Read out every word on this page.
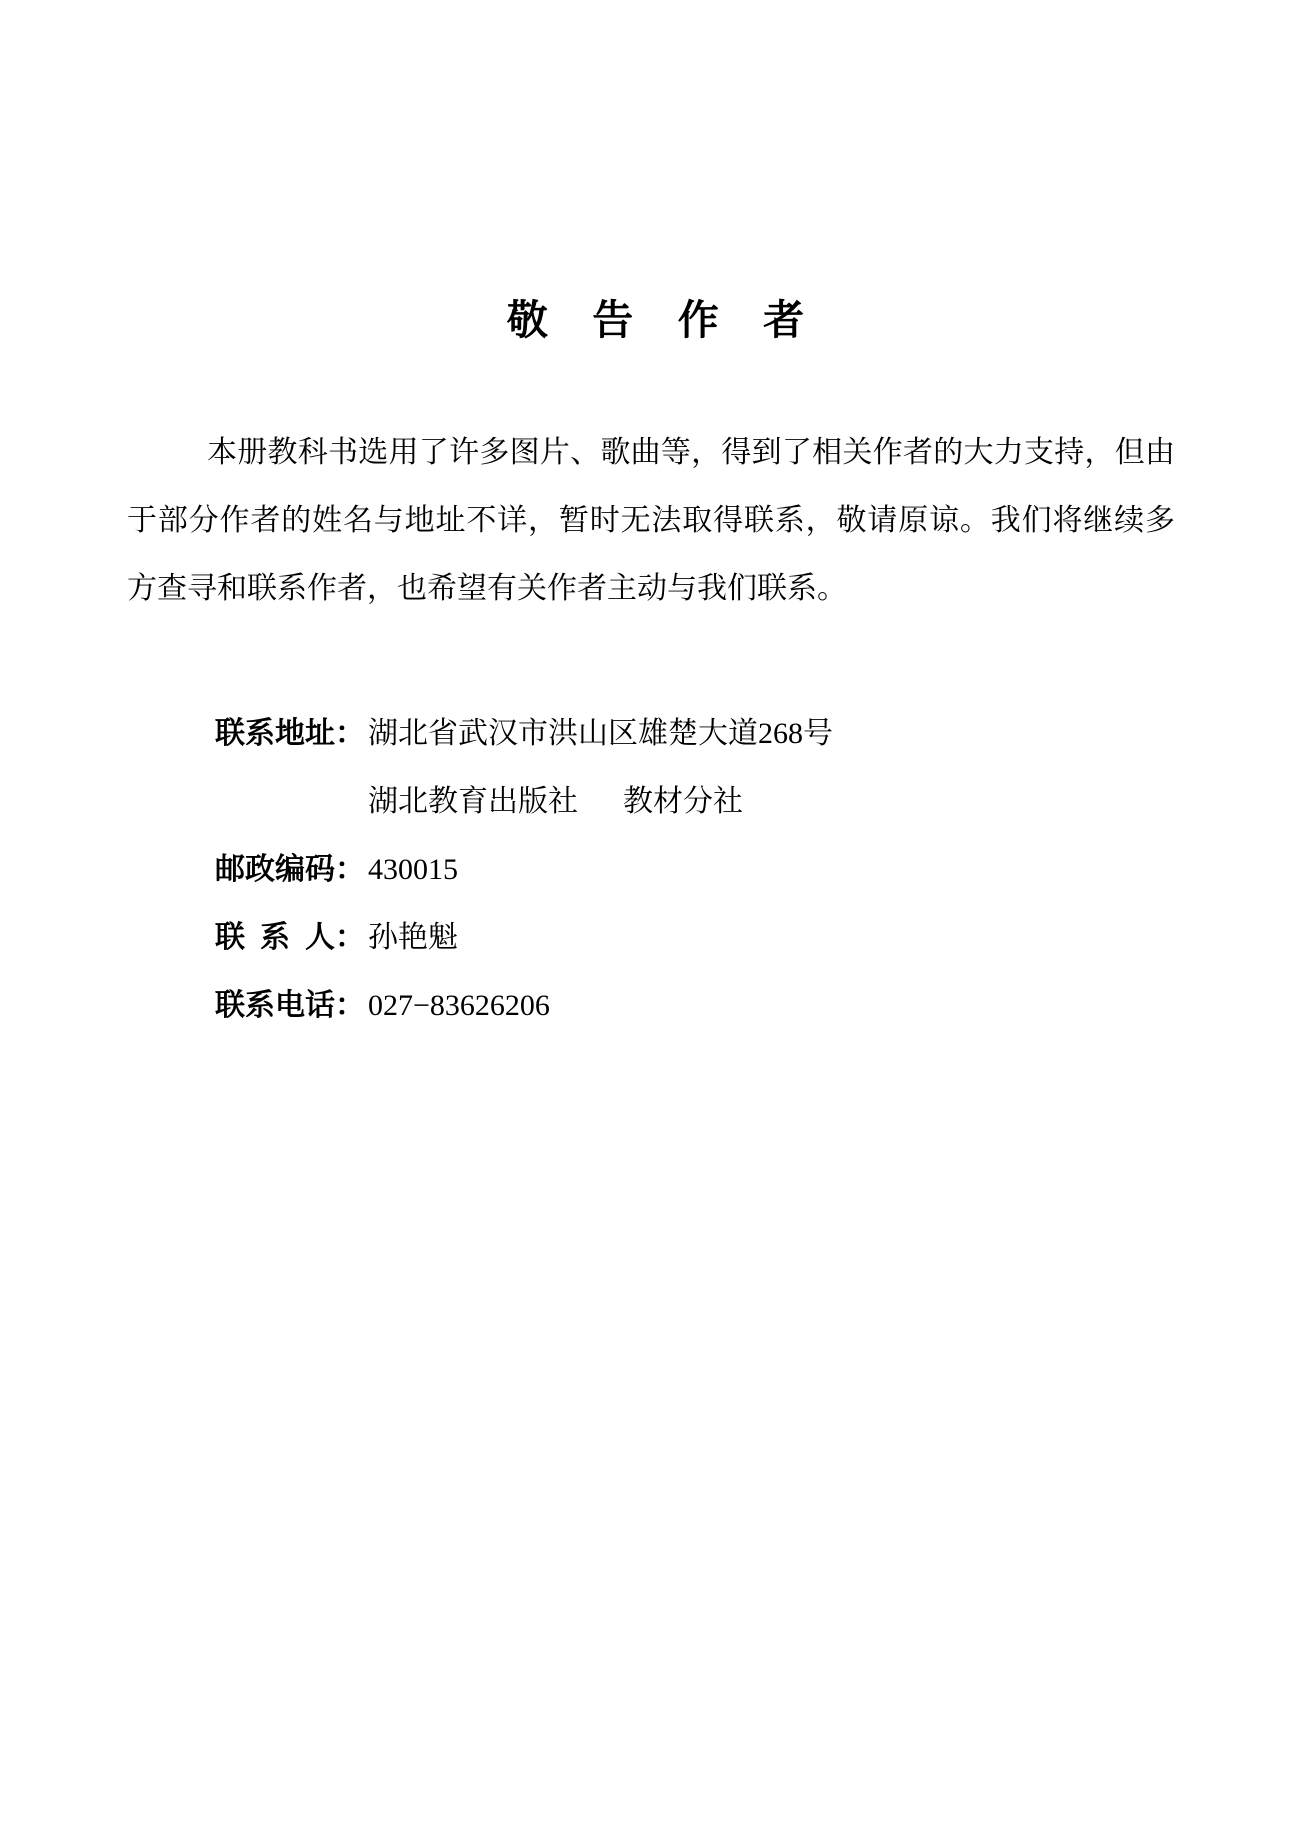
敬 告 作 者

本册教科书选用了许多图片、歌曲等，得到了相关作者的大力支持，但由于部分作者的姓名与地址不详，暂时无法取得联系，敬请原谅。我们将继续多方查寻和联系作者，也希望有关作者主动与我们联系。

联系地址： 湖北省武汉市洪山区雄楚大道268号
湖北教育出版社 教材分社
邮政编码： 430015
联系人： 孙艳魁
联系电话： 027−83626206
